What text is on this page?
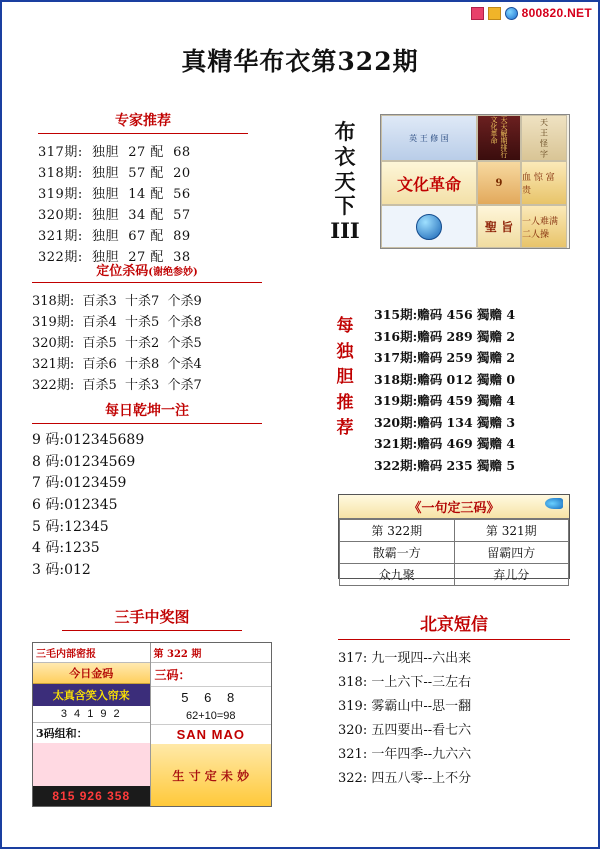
800820.NET
真精华布衣第322期
专家推荐
317期:  独胆  27 配  68
318期:  独胆  57 配  20
319期:  独胆  14 配  56
320期:  独胆  34 配  57
321期:  独胆  67 配  89
322期:  独胆  27 配  38
定位杀码(谢绝参妙)
318期:  百杀3  十杀7  个杀9
319期:  百杀4  十杀5  个杀8
320期:  百杀5  十杀2  个杀5
321期:  百杀6  十杀8  个杀4
322期:  百杀5  十杀3  个杀7
每日乾坤一注
9 码:012345689
8 码:01234569
7 码:0123459
6 码:012345
5 码:12345
4 码:1235
3 码:012
三手中奖图
三毛内部密报
今日金码
太真含笑入帘来
3 4 1 9 2
3码组和：
815 926 358
第 322 期
三码：
5 6 8
62+10=98
SAN MAO
生 寸 定 未 妙
布衣天下III
英 王 修 国	天天解期排行文化革命	天 王 怪 字
文化革命	9	血 惊 富 贵
聖 旨 一人难满二人操
每独胆推荐
315期:赡码 456 獨赡 4
316期:赡码 289 獨赡 2
317期:赡码 259 獨赡 2
318期:赡码 012 獨赡 0
319期:赡码 459 獨赡 4
320期:赡码 134 獨赡 3
321期:赡码 469 獨赡 4
322期:赡码 235 獨赡 5
《一句定三码》
第 322期	第 321期
散霸一方	留霸四方
众九聚	弃儿分
北京短信
317: 九一现四--六出来
318: 一上六下--三左右
319: 雾霸山中--思一翻
320: 五四要出--看七六
321: 一年四季--九六六
322: 四五八零--上不分
